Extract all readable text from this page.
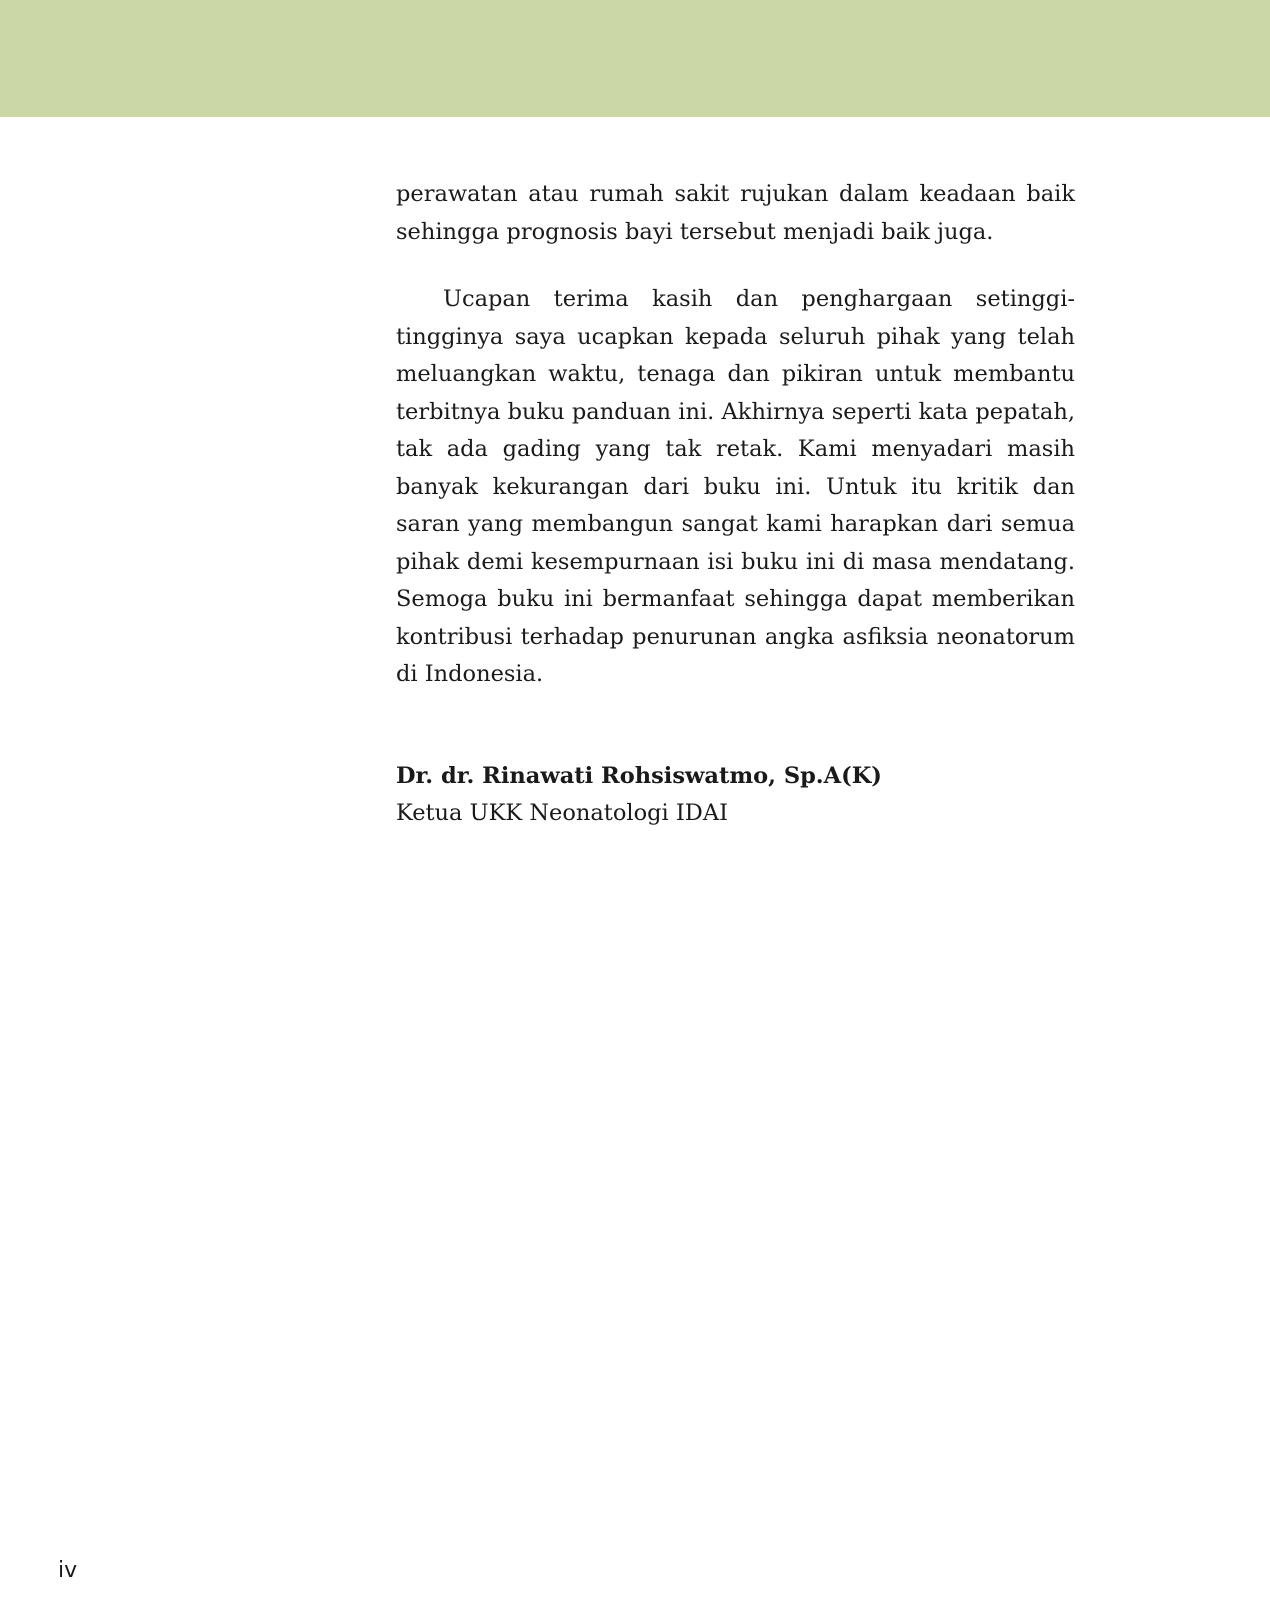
perawatan atau rumah sakit rujukan dalam keadaan baik sehingga prognosis bayi tersebut menjadi baik juga.

Ucapan terima kasih dan penghargaan setinggi-tingginya saya ucapkan kepada seluruh pihak yang telah meluangkan waktu, tenaga dan pikiran untuk membantu terbitnya buku panduan ini. Akhirnya seperti kata pepatah, tak ada gading yang tak retak. Kami menyadari masih banyak kekurangan dari buku ini. Untuk itu kritik dan saran yang membangun sangat kami harapkan dari semua pihak demi kesempurnaan isi buku ini di masa mendatang. Semoga buku ini bermanfaat sehingga dapat memberikan kontribusi terhadap penurunan angka asfiksia neonatorum di Indonesia.

Dr. dr. Rinawati Rohsiswatmo, Sp.A(K)

Ketua UKK Neonatologi IDAI

iv
